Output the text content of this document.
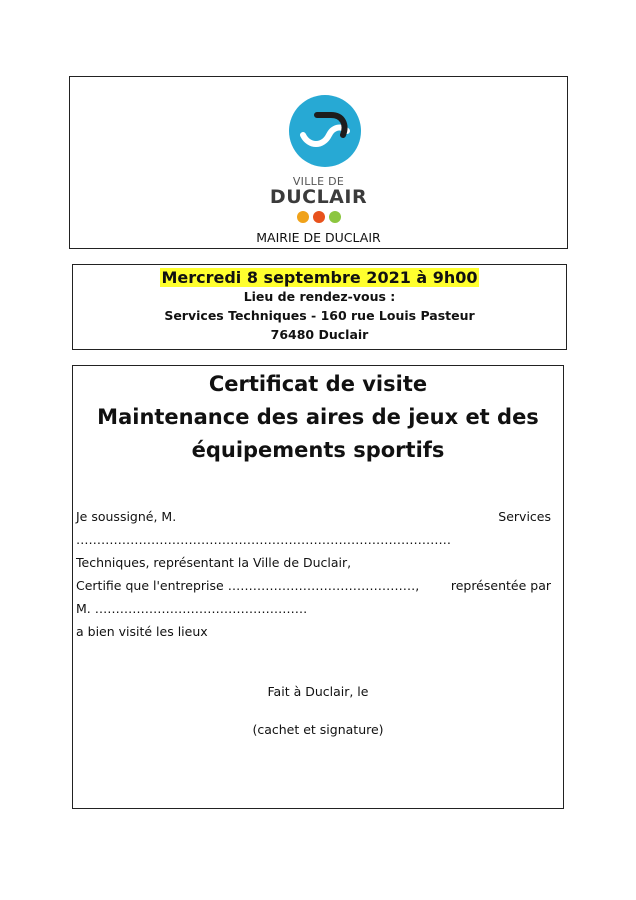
VILLE DE
DUCLAIR
MAIRIE DE DUCLAIR
Mercredi 8 septembre 2021 à 9h00
Lieu de rendez-vous :
Services Techniques - 160 rue Louis Pasteur
76480 Duclair
Certificat de visite
Maintenance des aires de jeux et des
équipements sportifs
Je soussigné, M. ………………………………………………………………………………
Services
Techniques, représentant la Ville de Duclair,
Certifie que l'entreprise ………………………………………,	représentée par
M. ……………………………………………
a bien visité les lieux
Fait à Duclair, le
(cachet et signature)
